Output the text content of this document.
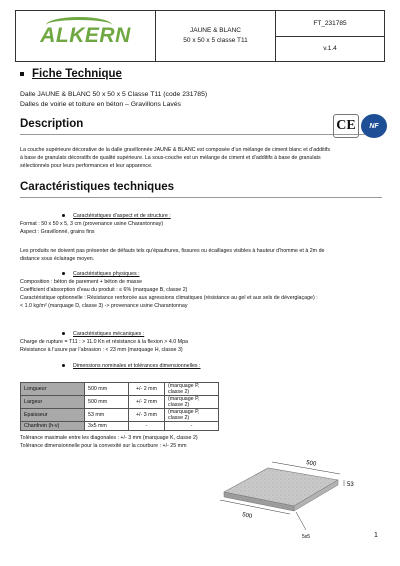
ALKERN	JAUNE & BLANC
50 x 50 x 5 classe T11
FT_231785
v.1.4
Fiche Technique
Dalle JAUNE & BLANC 50 x 50 x 5 Classe T11 (code 231785)
Dalles de voirie et toiture en béton – Gravillons Lavés
Description	CE	NF
La couche supérieure décorative de la dalle gravillonnée JAUNE & BLANC est composée d’un mélange de ciment blanc et d’additifs
à base de granulats décoratifs de qualité supérieure. La sous-couche est un mélange de ciment et d’additifs à base de granulats
sélectionnés pour leurs performances et leur apparence.
Caractéristiques techniques
Caractéristiques d’aspect et de structure :
Format : 50 x 50 x 5, 3 cm (provenance usine Charantonnay)
Aspect : Gravillonné, grains fins
Les produits ne doivent pas présenter de défauts tels qu’épaufrures, fissures ou écaillages visibles à hauteur d’homme et à 2m de
distance sous éclairage moyen.
Caractéristiques physiques :
Composition : béton de parement + béton de masse
Coefficient d’absorption d’eau du produit : ≤ 6% (marquage B, classe 2)
Caractéristique optionnelle : Résistance renforcée aux agressions climatiques (résistance au gel et aux sels de déverglaçage) :
< 1.0 kg/m² (marquage D, classe 3) -> provenance usine Charantonnay
Caractéristiques mécaniques :
Charge de rupture = T11 : > 11.0 Kn et résistance à la flexion > 4.0 Mpa
Résistance à l’usure par l’abrasion : < 23 mm (marquage H, classe 3)
Dimensions nominales et tolérances dimensionnelles :
Longueur	500 mm	+/- 2 mm	(marquage P, classe 2)
Largeur	500 mm	+/- 2 mm	(marquage P, classe 2)
Epaisseur	53 mm	+/- 3 mm	(marquage P, classe 2)
Chanfrein (h-v)	3x5 mm	-	-
Tolérance maximale entre les diagonales : +/- 3 mm (marquage K, classe 2)
Tolérance dimensionnelle pour la convexité sur la courbure : +/- 25 mm
500
53
500
5x5	1
